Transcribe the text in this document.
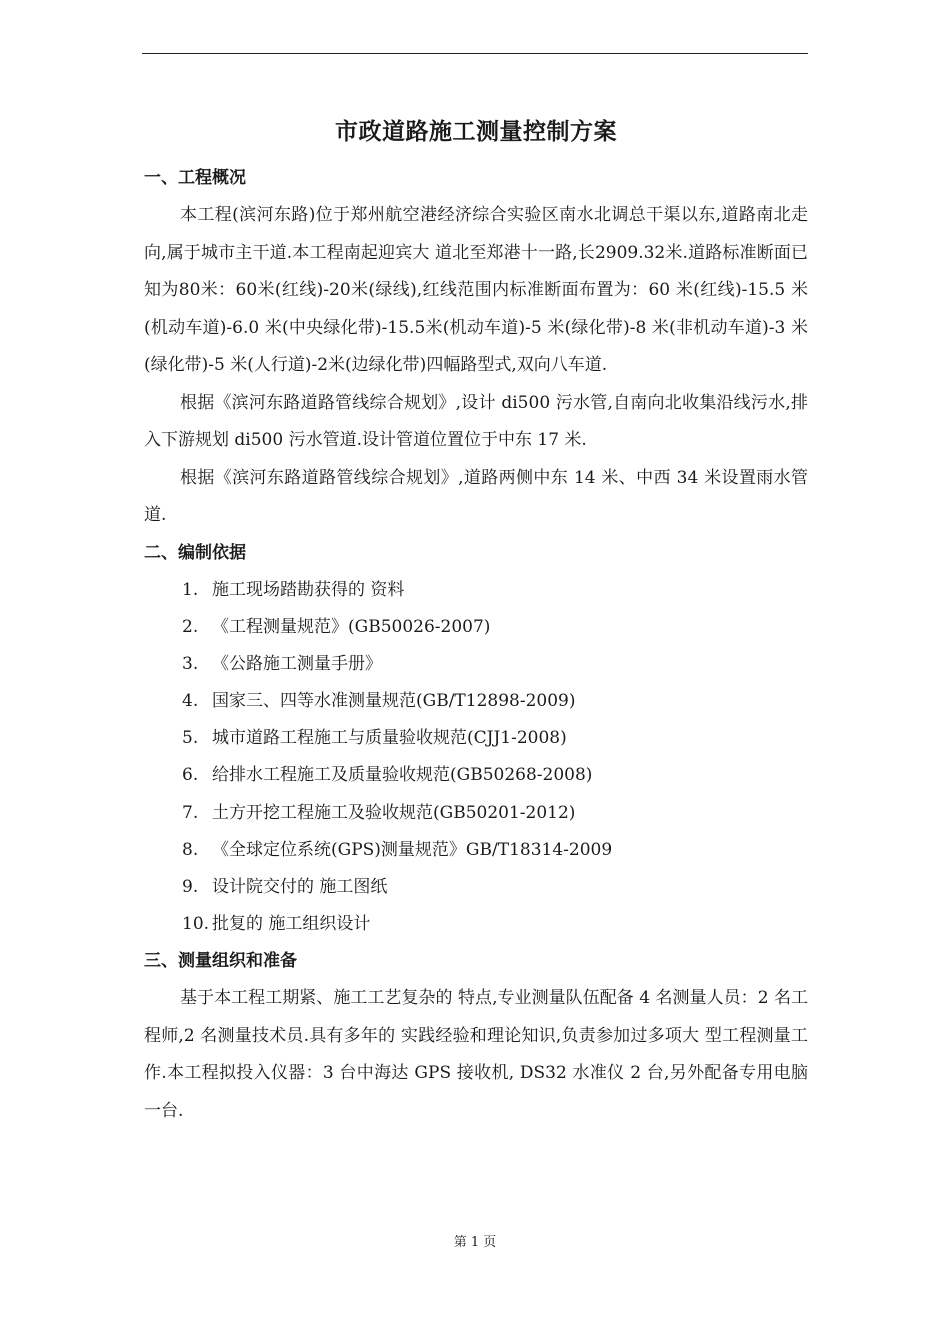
市政道路施工测量控制方案
一、工程概况

本工程(滨河东路)位于郑州航空港经济综合实验区南水北调总干渠以东,道路南北走向,属于城市主干道.本工程南起迎宾大 道北至郑港十一路,长2909.32米.道路标准断面已知为80米：60米(红线)-20米(绿线),红线范围内标准断面布置为：60 米(红线)-15.5 米(机动车道)-6.0 米(中央绿化带)-15.5米(机动车道)-5 米(绿化带)-8 米(非机动车道)-3 米(绿化带)-5 米(人行道)-2米(边绿化带)四幅路型式,双向八车道.

根据《滨河东路道路管线综合规划》,设计 di500 污水管,自南向北收集沿线污水,排入下游规划 di500 污水管道.设计管道位置位于中东 17 米.

根据《滨河东路道路管线综合规划》,道路两侧中东 14 米、中西 34 米设置雨水管道.

二、编制依据
1. 施工现场踏勘获得的 资料
2. 《工程测量规范》(GB50026-2007)
3. 《公路施工测量手册》
4. 国家三、四等水准测量规范(GB/T12898-2009)
5. 城市道路工程施工与质量验收规范(CJJ1-2008)
6. 给排水工程施工及质量验收规范(GB50268-2008)
7. 土方开挖工程施工及验收规范(GB50201-2012)
8. 《全球定位系统(GPS)测量规范》GB/T18314-2009
9. 设计院交付的 施工图纸
10. 批复的 施工组织设计
三、测量组织和准备

基于本工程工期紧、施工工艺复杂的 特点,专业测量队伍配备 4 名测量人员：2 名工程师,2 名测量技术员.具有多年的 实践经验和理论知识,负责参加过多项大 型工程测量工作.本工程拟投入仪器：3 台中海达 GPS 接收机, DS32 水准仪 2 台,另外配备专用电脑一台.

第 1 页
